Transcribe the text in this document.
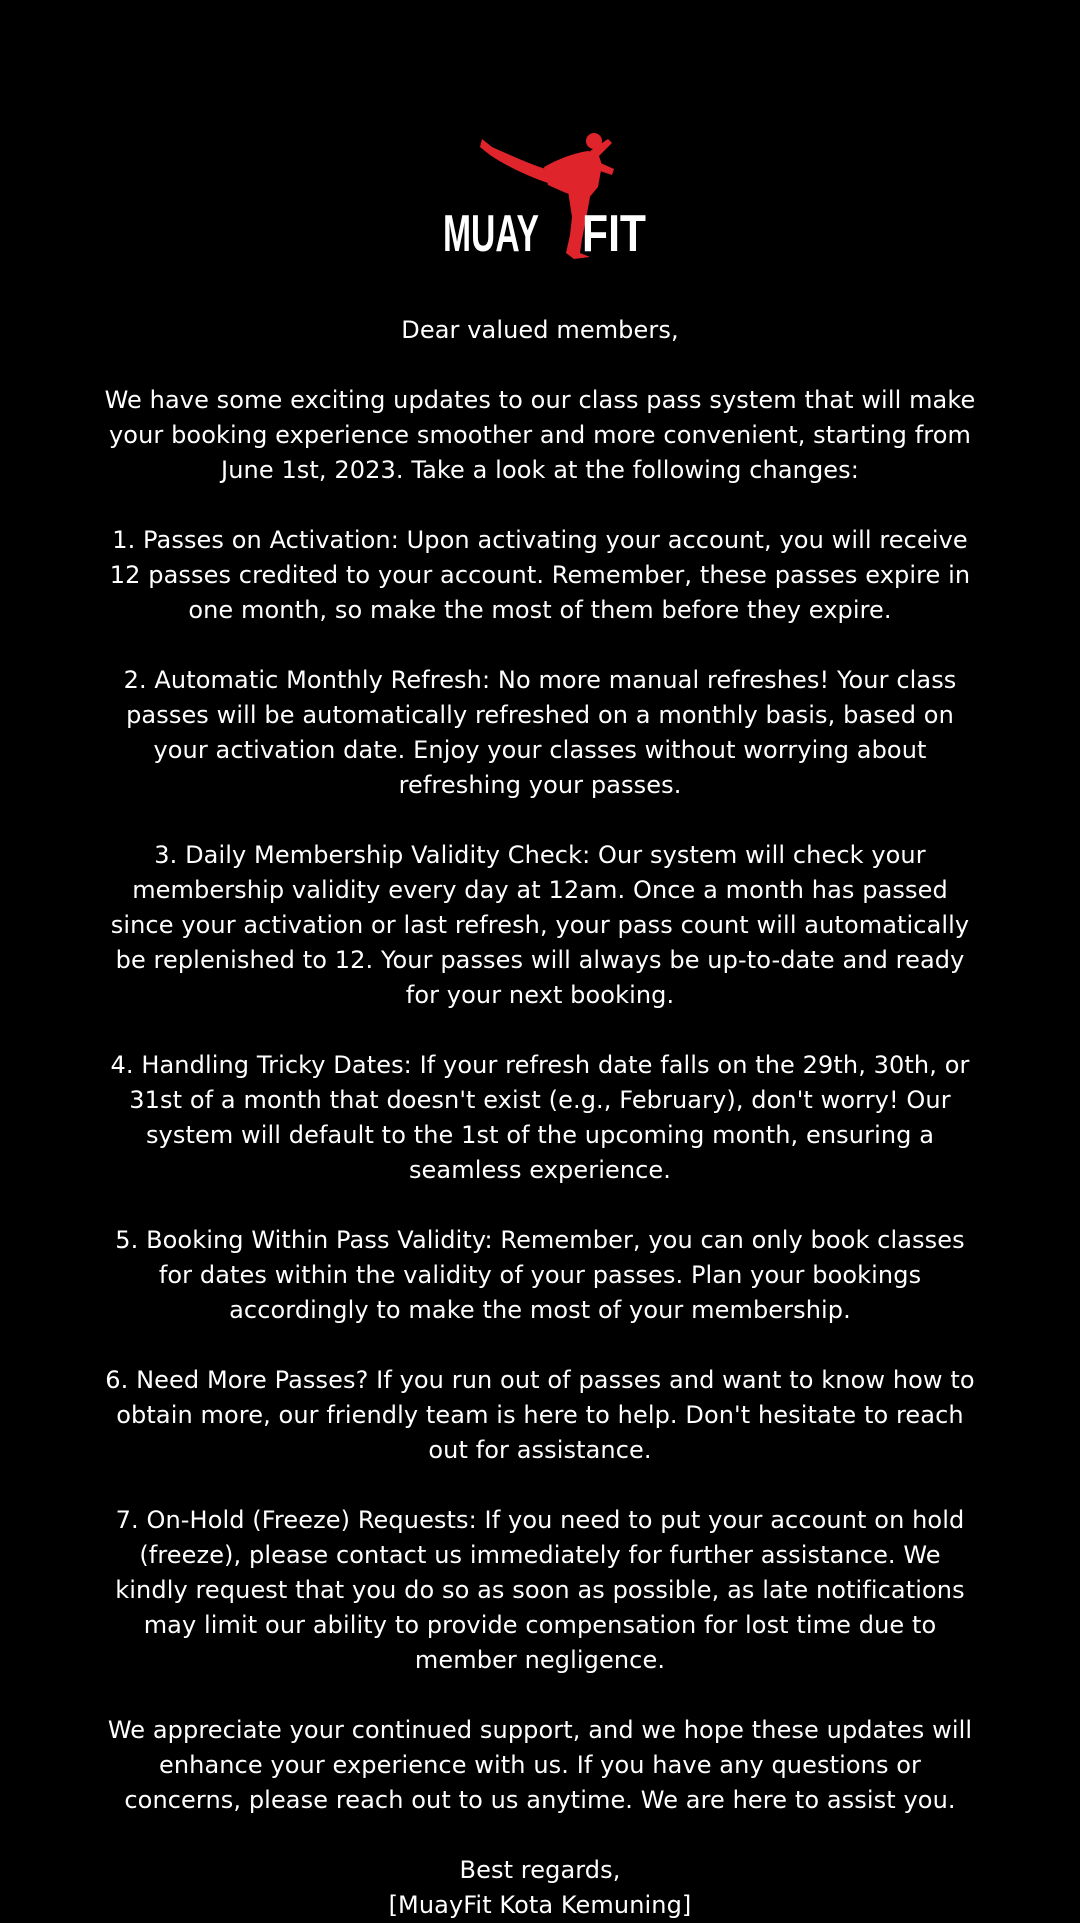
MUAY FIT

Dear valued members,

We have some exciting updates to our class pass system that will make your booking experience smoother and more convenient, starting from June 1st, 2023. Take a look at the following changes:

1. Passes on Activation: Upon activating your account, you will receive 12 passes credited to your account. Remember, these passes expire in one month, so make the most of them before they expire.

2. Automatic Monthly Refresh: No more manual refreshes! Your class passes will be automatically refreshed on a monthly basis, based on your activation date. Enjoy your classes without worrying about refreshing your passes.

3. Daily Membership Validity Check: Our system will check your membership validity every day at 12am. Once a month has passed since your activation or last refresh, your pass count will automatically be replenished to 12. Your passes will always be up-to-date and ready for your next booking.

4. Handling Tricky Dates: If your refresh date falls on the 29th, 30th, or 31st of a month that doesn't exist (e.g., February), don't worry! Our system will default to the 1st of the upcoming month, ensuring a seamless experience.

5. Booking Within Pass Validity: Remember, you can only book classes for dates within the validity of your passes. Plan your bookings accordingly to make the most of your membership.

6. Need More Passes? If you run out of passes and want to know how to obtain more, our friendly team is here to help. Don't hesitate to reach out for assistance.

7. On-Hold (Freeze) Requests: If you need to put your account on hold (freeze), please contact us immediately for further assistance. We kindly request that you do so as soon as possible, as late notifications may limit our ability to provide compensation for lost time due to member negligence.

We appreciate your continued support, and we hope these updates will enhance your experience with us. If you have any questions or concerns, please reach out to us anytime. We are here to assist you.

Best regards,

[MuayFit Kota Kemuning]
